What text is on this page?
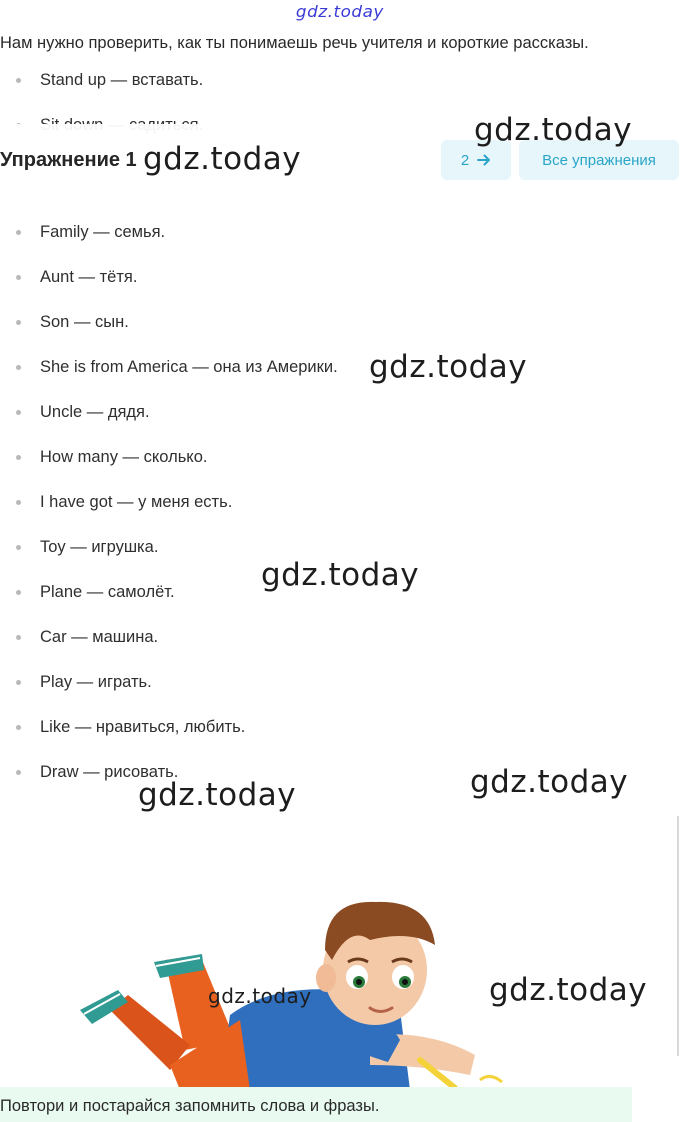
gdz.today
Нам нужно проверить, как ты понимаешь речь учителя и короткие рассказы.
Stand up — вставать.
Family — семья.
Aunt — тётя.
Son — сын.
She is from America — она из Америки.
Uncle — дядя.
How many — сколько.
I have got — у меня есть.
Toy — игрушка.
Plane — самолёт.
Car — машина.
Play — играть.
Like — нравиться, любить.
Draw — рисовать.
Упражнение 1	2	Все упражнения
gdz.today
gdz.today
gdz.today
gdz.today
gdz.today
gdz.today
gdz.today
gdz.today
Повтори и постарайся запомнить слова и фразы.
